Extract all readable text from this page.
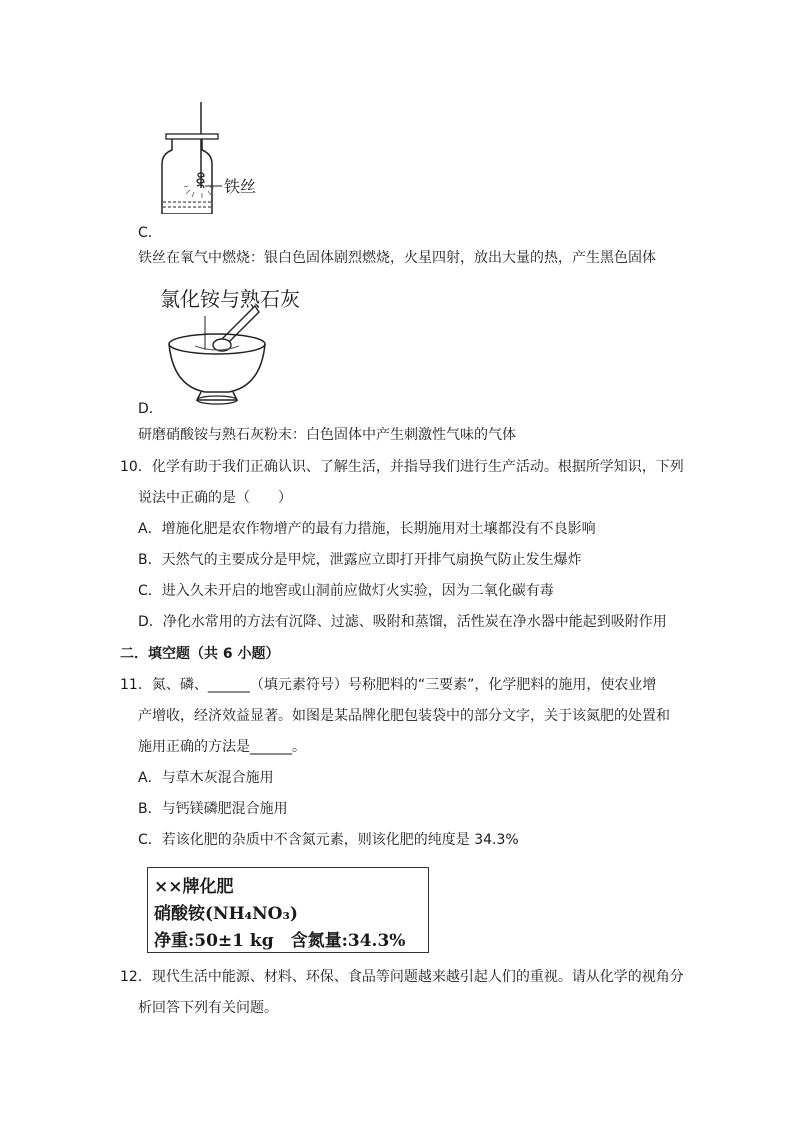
铁丝
C．
铁丝在氧气中燃烧：银白色固体剧烈燃烧，火星四射，放出大量的热，产生黑色固体
氯化铵与熟石灰
D．
研磨硝酸铵与熟石灰粉末：白色固体中产生刺激性气味的气体
10．化学有助于我们正确认识、了解生活，并指导我们进行生产活动。根据所学知识，下列
说法中正确的是（　　）
A．增施化肥是农作物增产的最有力措施，长期施用对土壤都没有不良影响
B．天然气的主要成分是甲烷，泄露应立即打开排气扇换气防止发生爆炸
C．进入久未开启的地窖或山洞前应做灯火实验，因为二氧化碳有毒
D．净化水常用的方法有沉降、过滤、吸附和蒸馏，活性炭在净水器中能起到吸附作用
二．填空题（共 6 小题）
11．氮、磷、______（填元素符号）号称肥料的“三要素”，化学肥料的施用，使农业增
产增收，经济效益显著。如图是某品牌化肥包装袋中的部分文字，关于该氮肥的处置和
施用正确的方法是______。
A．与草木灰混合施用
B．与钙镁磷肥混合施用
C．若该化肥的杂质中不含氮元素，则该化肥的纯度是 34.3%
××牌化肥
硝酸铵(NH₄NO₃)
净重:50±1 kg　含氮量:34.3%
12．现代生活中能源、材料、环保、食品等问题越来越引起人们的重视。请从化学的视角分
析回答下列有关问题。
